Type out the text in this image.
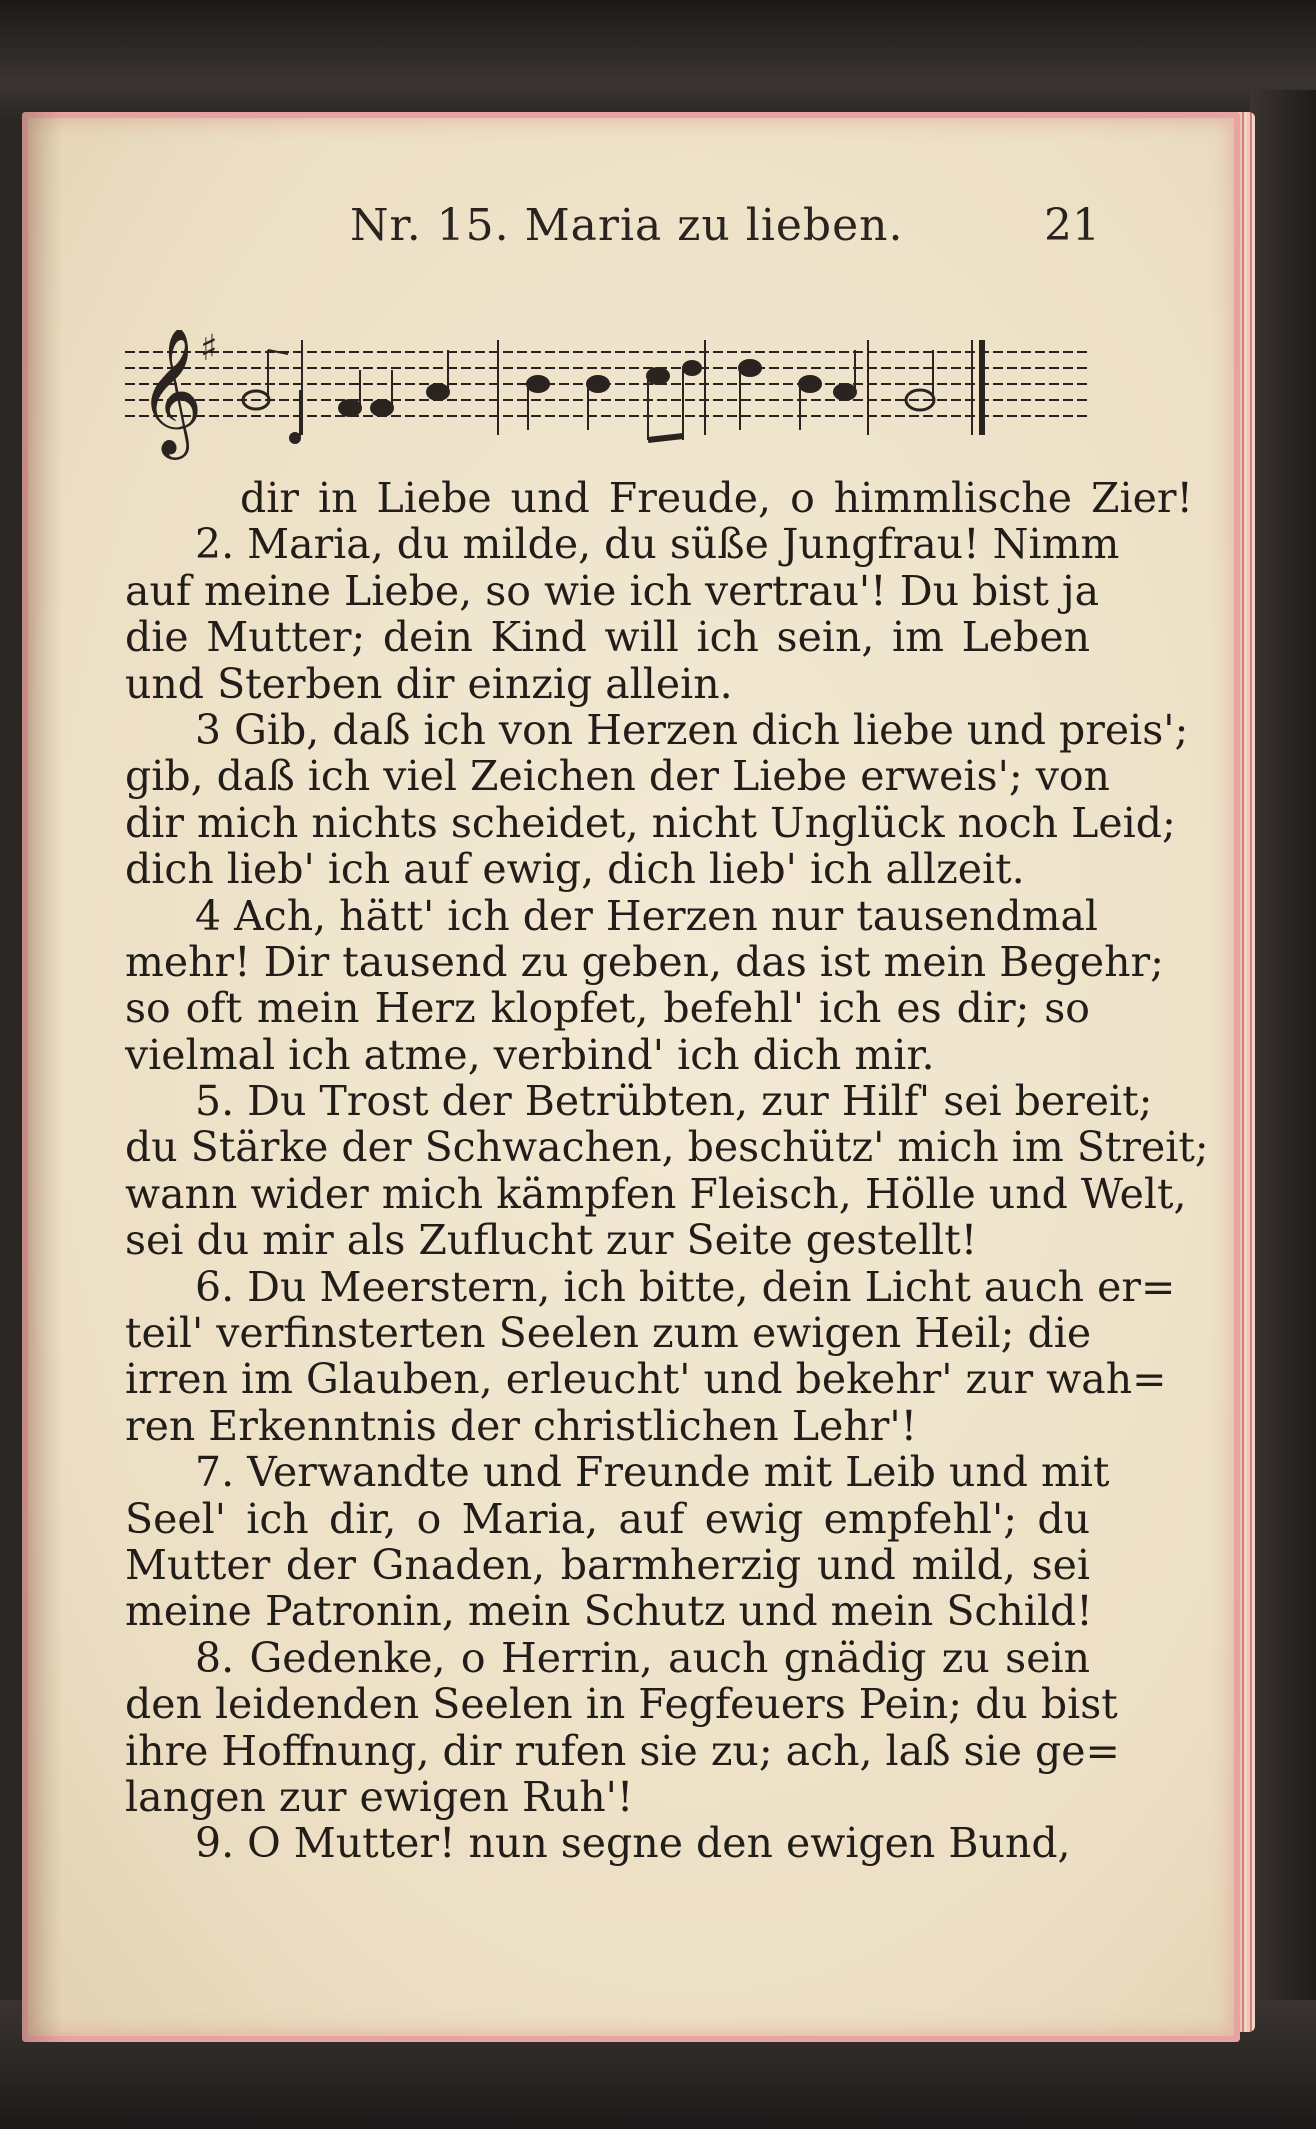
Nr. 15. Maria zu lieben.	21
𝄞
♯
dir in Liebe und Freude, o himmlische Zier!
2. Maria, du milde, du süße Jungfrau! Nimm
auf meine Liebe, so wie ich vertrau'! Du bist ja
die Mutter; dein Kind will ich sein, im Leben
und Sterben dir einzig allein.
3 Gib, daß ich von Herzen dich liebe und preis';
gib, daß ich viel Zeichen der Liebe erweis'; von
dir mich nichts scheidet, nicht Unglück noch Leid;
dich lieb' ich auf ewig, dich lieb' ich allzeit.
4 Ach, hätt' ich der Herzen nur tausendmal
mehr! Dir tausend zu geben, das ist mein Begehr;
so oft mein Herz klopfet, befehl' ich es dir; so
vielmal ich atme, verbind' ich dich mir.
5. Du Trost der Betrübten, zur Hilf' sei bereit;
du Stärke der Schwachen, beschütz' mich im Streit;
wann wider mich kämpfen Fleisch, Hölle und Welt,
sei du mir als Zuflucht zur Seite gestellt!
6. Du Meerstern, ich bitte, dein Licht auch er=
teil' verfinsterten Seelen zum ewigen Heil; die
irren im Glauben, erleucht' und bekehr' zur wah=
ren Erkenntnis der christlichen Lehr'!
7. Verwandte und Freunde mit Leib und mit
Seel' ich dir, o Maria, auf ewig empfehl'; du
Mutter der Gnaden, barmherzig und mild, sei
meine Patronin, mein Schutz und mein Schild!
8. Gedenke, o Herrin, auch gnädig zu sein
den leidenden Seelen in Fegfeuers Pein; du bist
ihre Hoffnung, dir rufen sie zu; ach, laß sie ge=
langen zur ewigen Ruh'!
9. O Mutter! nun segne den ewigen Bund,
